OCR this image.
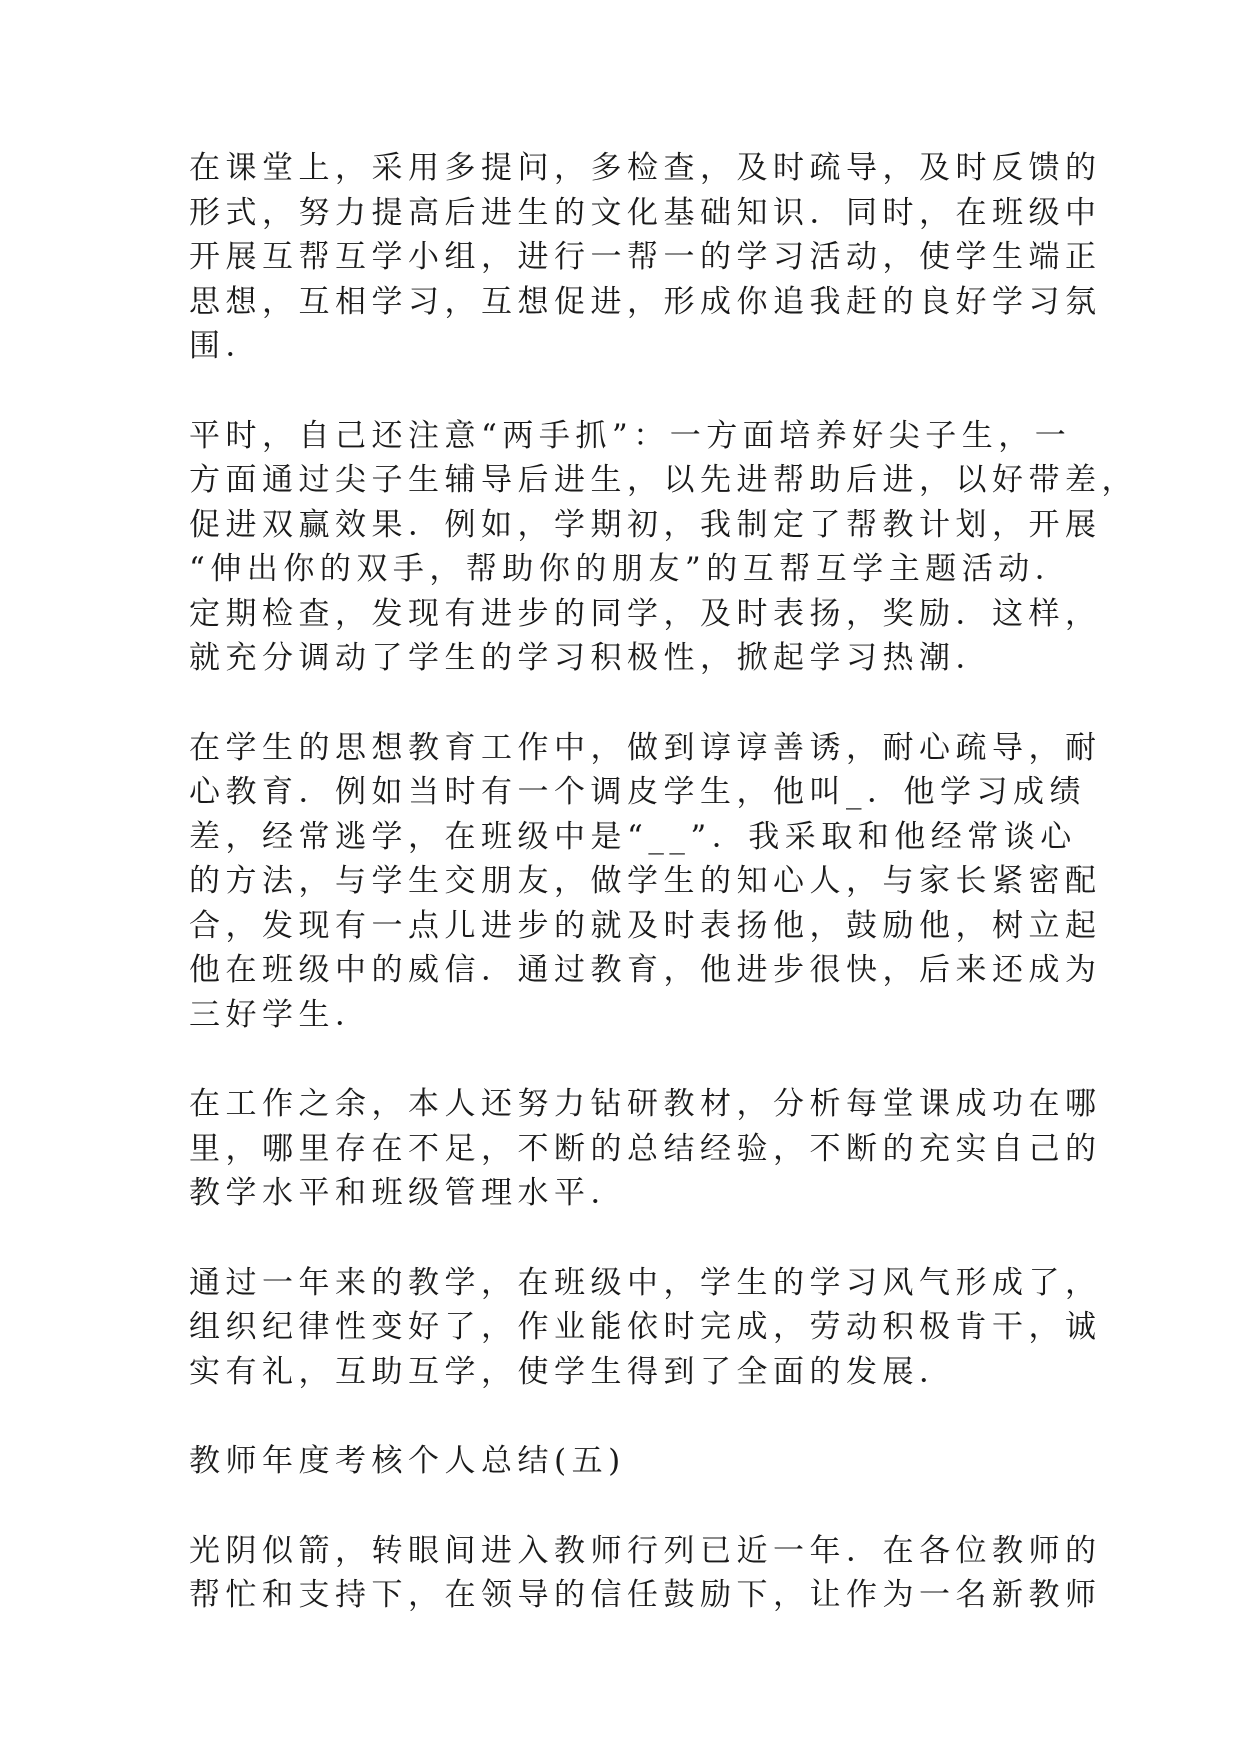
在课堂上，采用多提问，多检查，及时疏导，及时反馈的
形式，努力提高后进生的文化基础知识．同时，在班级中
开展互帮互学小组，进行一帮一的学习活动，使学生端正
思想，互相学习，互想促进，形成你追我赶的良好学习氛
围．
平时，自己还注意“两手抓”：一方面培养好尖子生，一
方面通过尖子生辅导后进生，以先进帮助后进，以好带差，
促进双赢效果．例如，学期初，我制定了帮教计划，开展
“伸出你的双手，帮助你的朋友”的互帮互学主题活动．
定期检查，发现有进步的同学，及时表扬，奖励．这样，
就充分调动了学生的学习积极性，掀起学习热潮．
在学生的思想教育工作中，做到谆谆善诱，耐心疏导，耐
心教育．例如当时有一个调皮学生，他叫_．他学习成绩
差，经常逃学，在班级中是“__”．我采取和他经常谈心
的方法，与学生交朋友，做学生的知心人，与家长紧密配
合，发现有一点儿进步的就及时表扬他，鼓励他，树立起
他在班级中的威信．通过教育，他进步很快，后来还成为
三好学生．
在工作之余，本人还努力钻研教材，分析每堂课成功在哪
里，哪里存在不足，不断的总结经验，不断的充实自己的
教学水平和班级管理水平．
通过一年来的教学，在班级中，学生的学习风气形成了，
组织纪律性变好了，作业能依时完成，劳动积极肯干，诚
实有礼，互助互学，使学生得到了全面的发展．
教师年度考核个人总结(五)
光阴似箭，转眼间进入教师行列已近一年．在各位教师的
帮忙和支持下，在领导的信任鼓励下，让作为一名新教师
